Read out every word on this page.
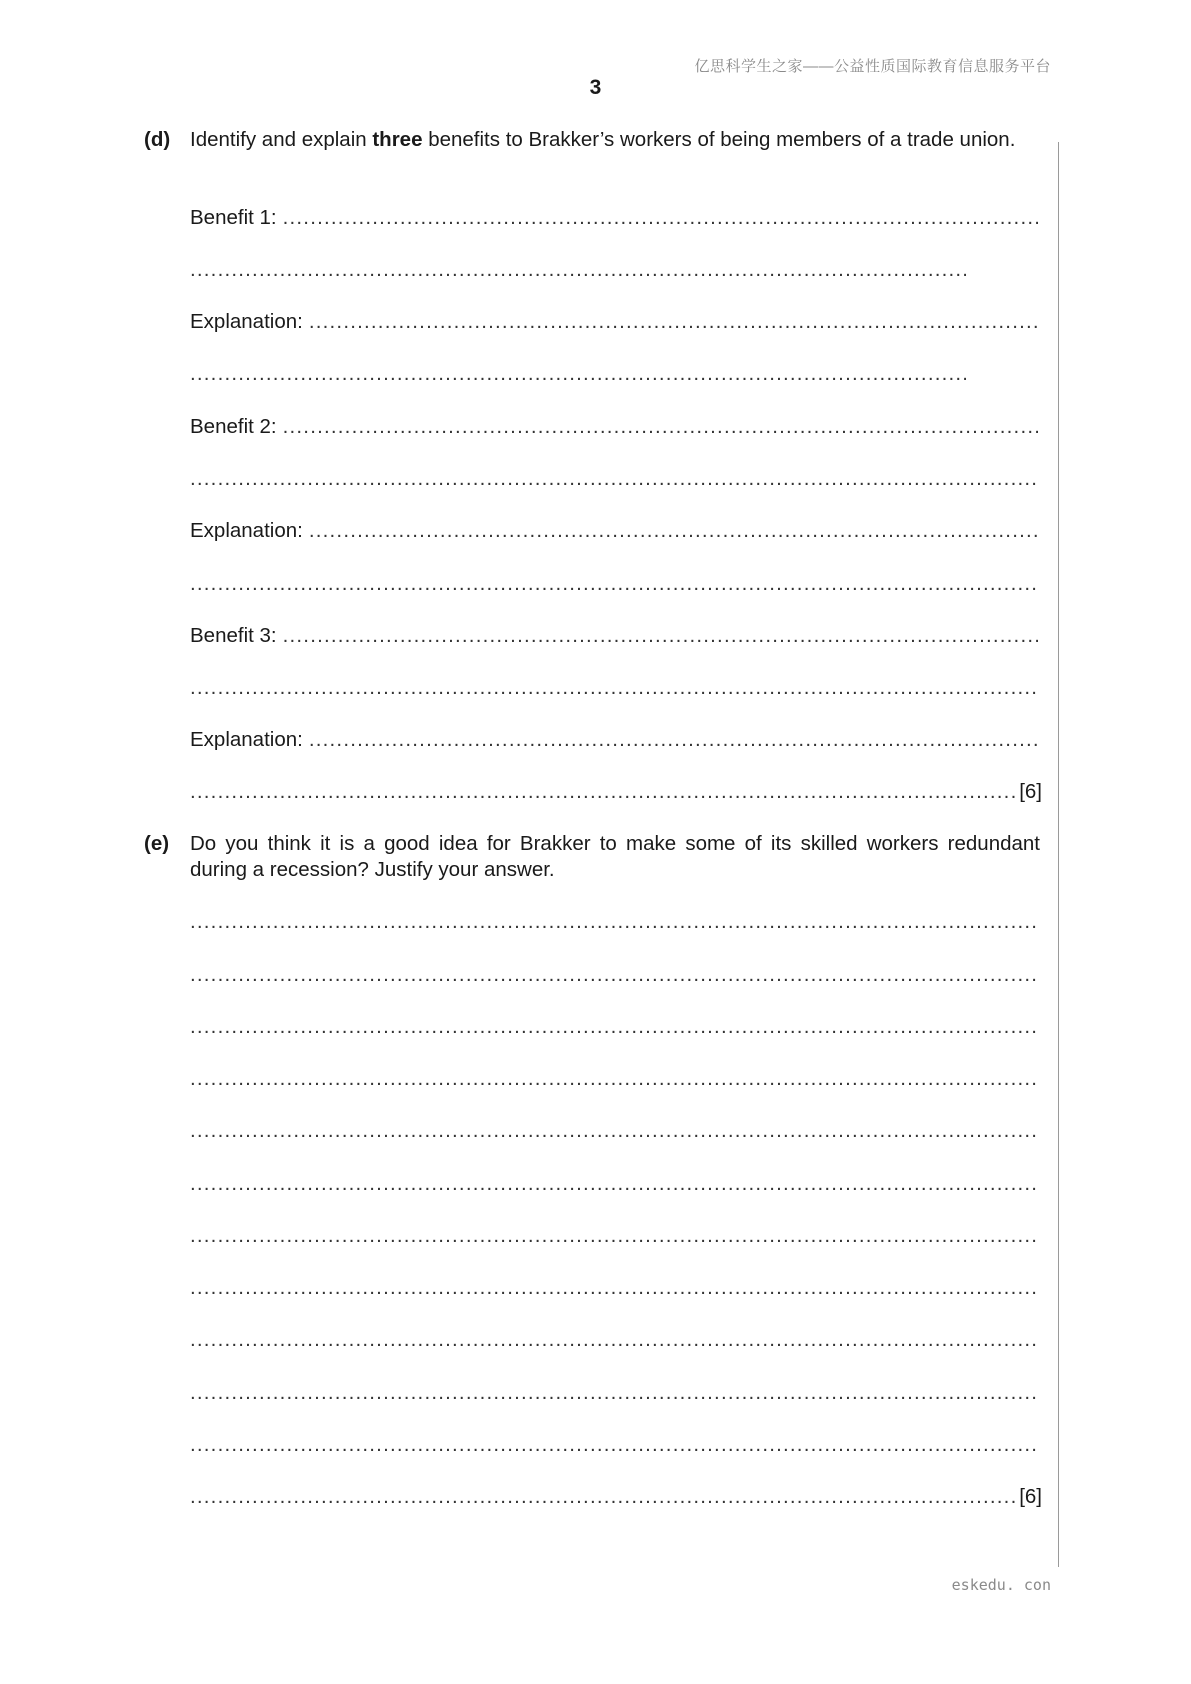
亿思科学生之家——公益性质国际教育信息服务平台
3
(d) Identify and explain three benefits to Brakker’s workers of being members of a trade union.
Benefit 1:
.....
.....
Explanation:
.....
.....
Benefit 2:
.....
.....
Explanation:
.....
.....
Benefit 3:
.....
.....
Explanation:
.....
.....
[6]
(e) Do you think it is a good idea for Brakker to make some of its skilled workers redundant during a recession? Justify your answer.
.....
.....
.....
.....
.....
.....
.....
.....
.....
.....
.....
.....
[6]
eskedu. con
